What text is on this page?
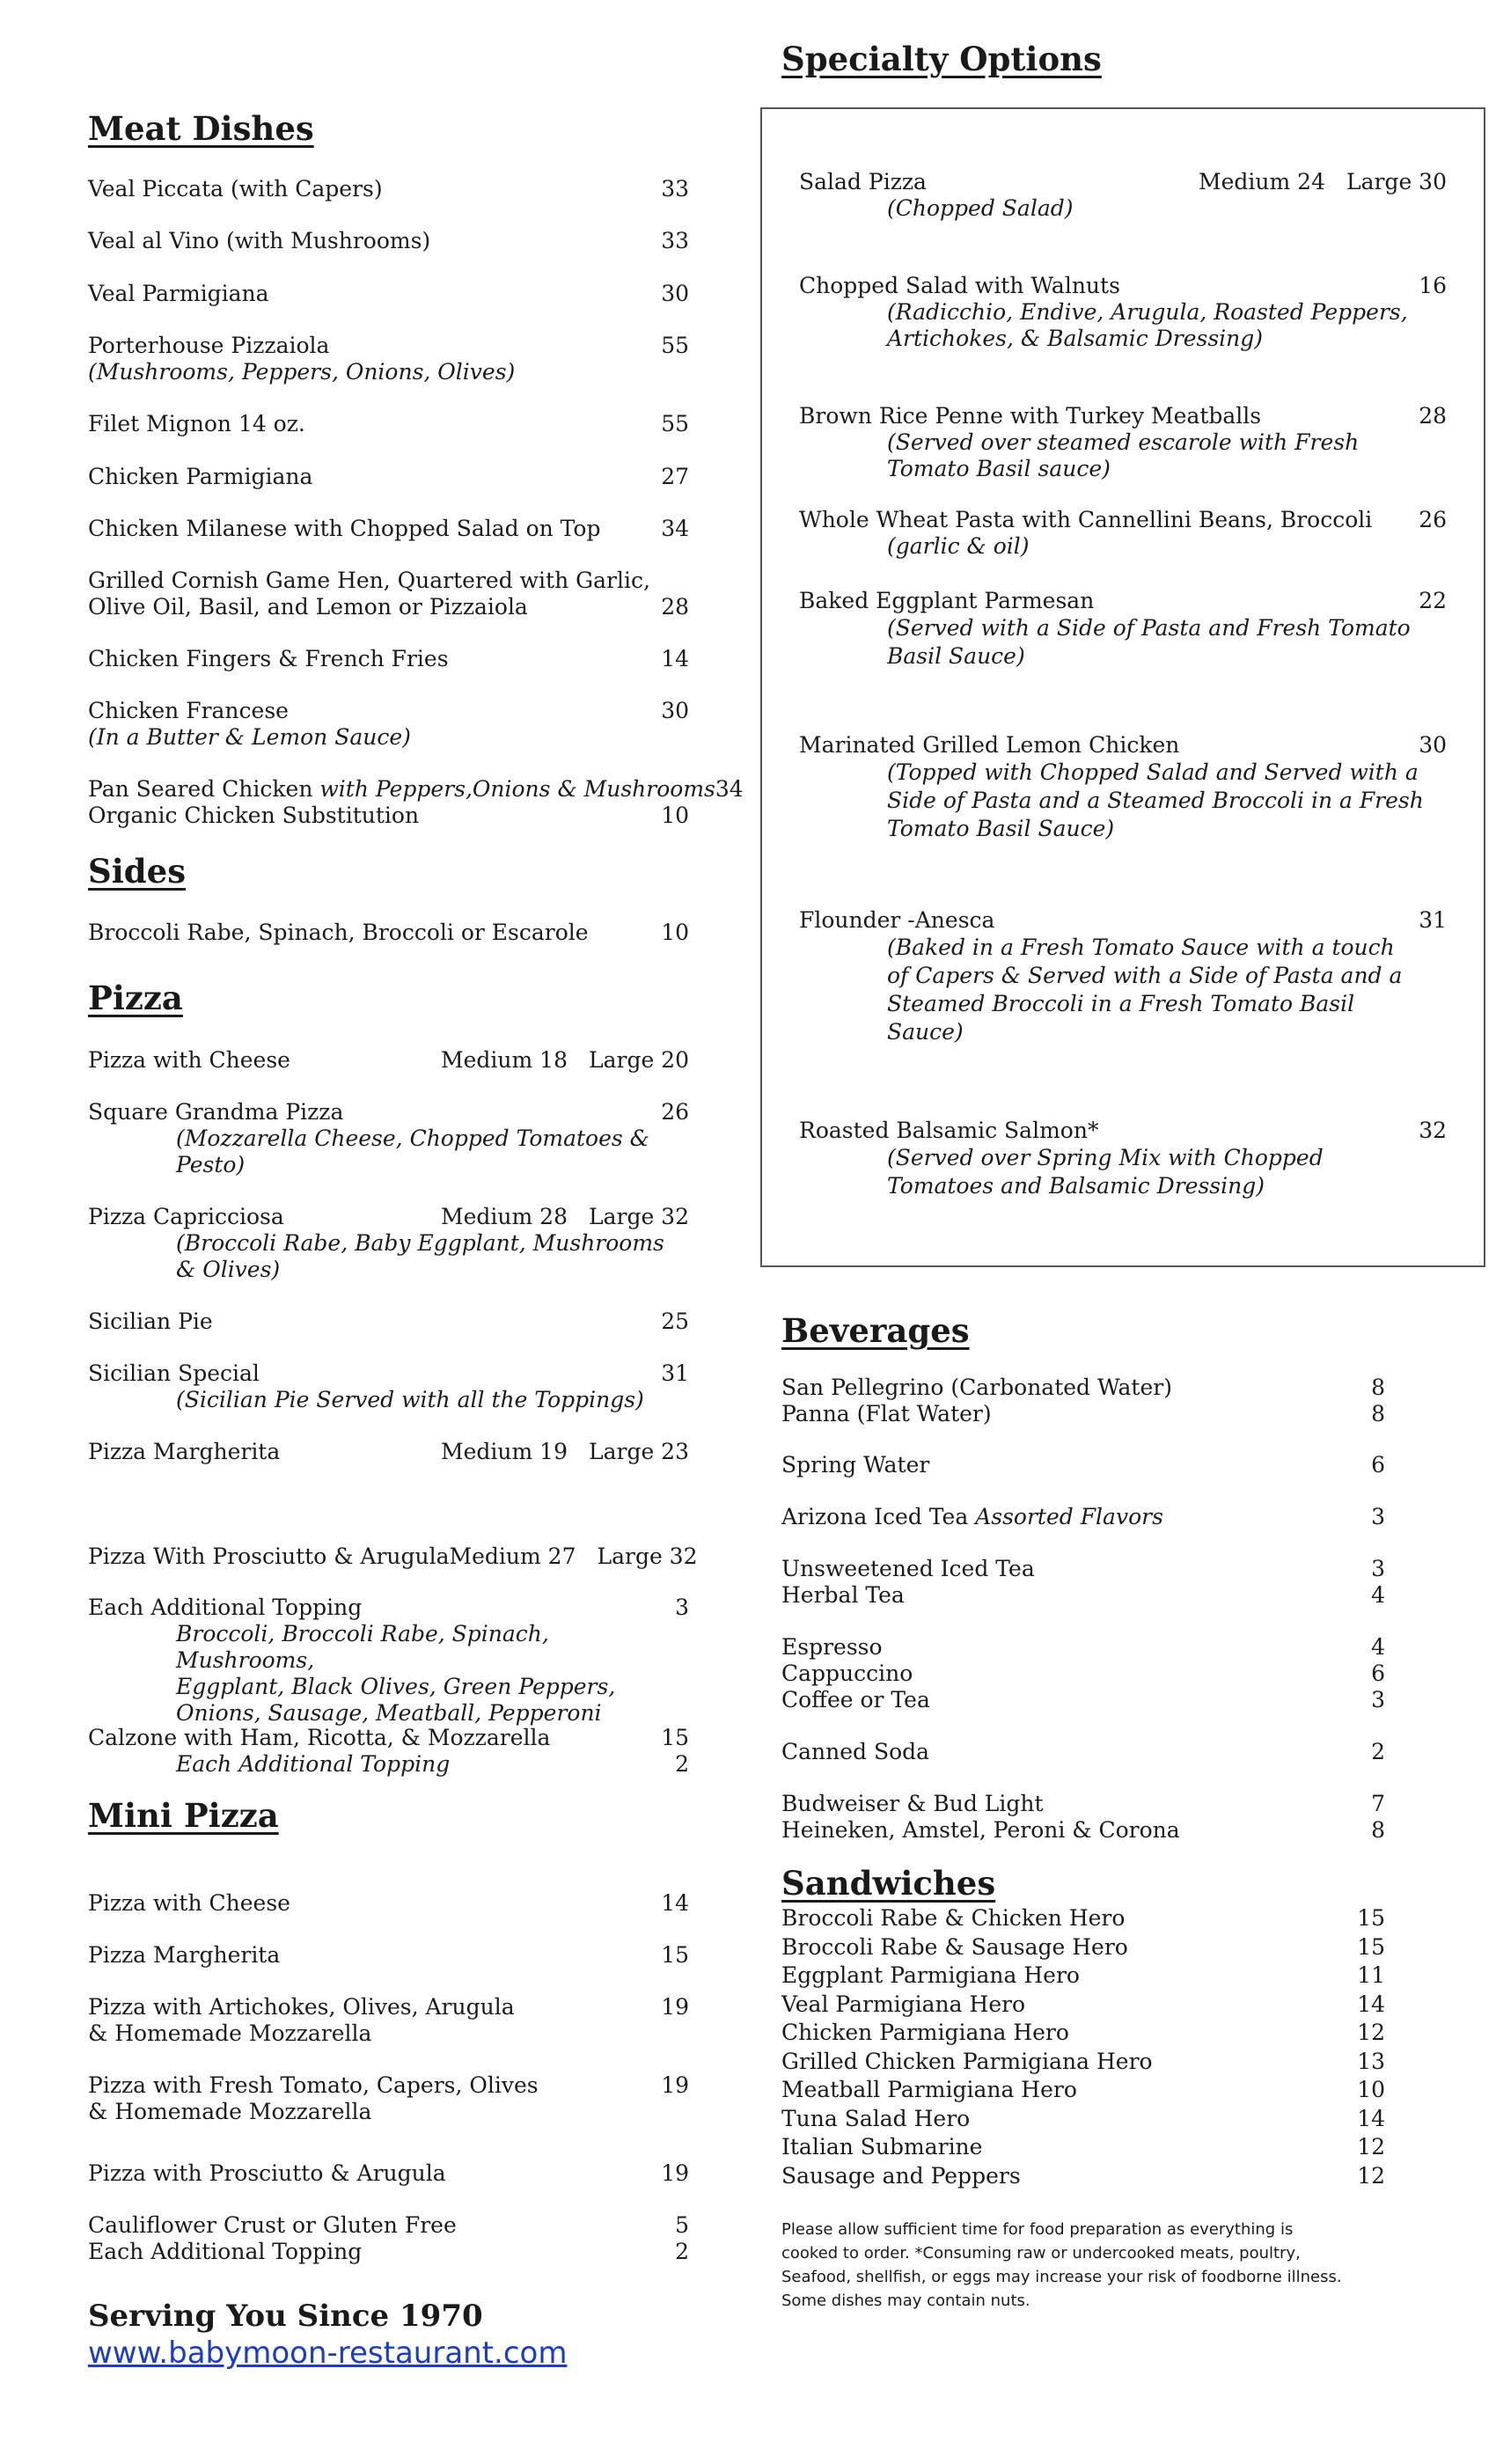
Meat Dishes
Veal Piccata (with Capers)	33
Veal al Vino (with Mushrooms)	33
Veal Parmigiana	30
Porterhouse Pizzaiola	55
(Mushrooms, Peppers, Onions, Olives)
Filet Mignon 14 oz.	55
Chicken Parmigiana	27
Chicken Milanese with Chopped Salad on Top	34
Grilled Cornish Game Hen, Quartered with Garlic,
Olive Oil, Basil, and Lemon or Pizzaiola	28
Chicken Fingers & French Fries	14
Chicken Francese	30
(In a Butter & Lemon Sauce)
Pan Seared Chicken with Peppers,Onions & Mushrooms 34
Organic Chicken Substitution	10
Sides
Broccoli Rabe, Spinach, Broccoli or Escarole	10
Pizza
Pizza with Cheese	Medium 18 Large 20
Square Grandma Pizza	26
(Mozzarella Cheese, Chopped Tomatoes &
Pesto)
Pizza Capricciosa	Medium 28 Large 32
(Broccoli Rabe, Baby Eggplant, Mushrooms
& Olives)
Sicilian Pie	25
Sicilian Special	31
(Sicilian Pie Served with all the Toppings)
Pizza Margherita	Medium 19 Large 23
Pizza With Prosciutto & Arugula Medium 27 Large 32
Each Additional Topping	3
Broccoli, Broccoli Rabe, Spinach, Mushrooms,
Eggplant, Black Olives, Green Peppers,
Onions, Sausage, Meatball, Pepperoni
Calzone with Ham, Ricotta, & Mozzarella	15
Each Additional Topping	2
Mini Pizza
Pizza with Cheese	14
Pizza Margherita	15
Pizza with Artichokes, Olives, Arugula	19
& Homemade Mozzarella
Pizza with Fresh Tomato, Capers, Olives	19
& Homemade Mozzarella
Pizza with Prosciutto & Arugula	19
Cauliflower Crust or Gluten Free	5
Each Additional Topping	2
Serving You Since 1970
www.babymoon-restaurant.com
Specialty Options
Salad Pizza	Medium 24 Large 30
(Chopped Salad)
Chopped Salad with Walnuts	16
(Radicchio, Endive, Arugula, Roasted Peppers,
Artichokes, & Balsamic Dressing)
Brown Rice Penne with Turkey Meatballs	28
(Served over steamed escarole with Fresh
Tomato Basil sauce)
Whole Wheat Pasta with Cannellini Beans, Broccoli	26
(garlic & oil)
Baked Eggplant Parmesan	22
(Served with a Side of Pasta and Fresh Tomato
Basil Sauce)
Marinated Grilled Lemon Chicken	30
(Topped with Chopped Salad and Served with a
Side of Pasta and a Steamed Broccoli in a Fresh
Tomato Basil Sauce)
Flounder -Anesca	31
(Baked in a Fresh Tomato Sauce with a touch
of Capers & Served with a Side of Pasta and a
Steamed Broccoli in a Fresh Tomato Basil
Sauce)
Roasted Balsamic Salmon*	32
(Served over Spring Mix with Chopped
Tomatoes and Balsamic Dressing)
Beverages
San Pellegrino (Carbonated Water)	8
Panna (Flat Water)	8
Spring Water	6
Arizona Iced Tea Assorted Flavors	3
Unsweetened Iced Tea	3
Herbal Tea	4
Espresso	4
Cappuccino	6
Coffee or Tea	3
Canned Soda	2
Budweiser & Bud Light	7
Heineken, Amstel, Peroni & Corona	8
Sandwiches
Broccoli Rabe & Chicken Hero	15
Broccoli Rabe & Sausage Hero	15
Eggplant Parmigiana Hero	11
Veal Parmigiana Hero	14
Chicken Parmigiana Hero	12
Grilled Chicken Parmigiana Hero	13
Meatball Parmigiana Hero	10
Tuna Salad Hero	14
Italian Submarine	12
Sausage and Peppers	12
Please allow sufficient time for food preparation as everything is
cooked to order. *Consuming raw or undercooked meats, poultry,
Seafood, shellfish, or eggs may increase your risk of foodborne illness.
Some dishes may contain nuts.
